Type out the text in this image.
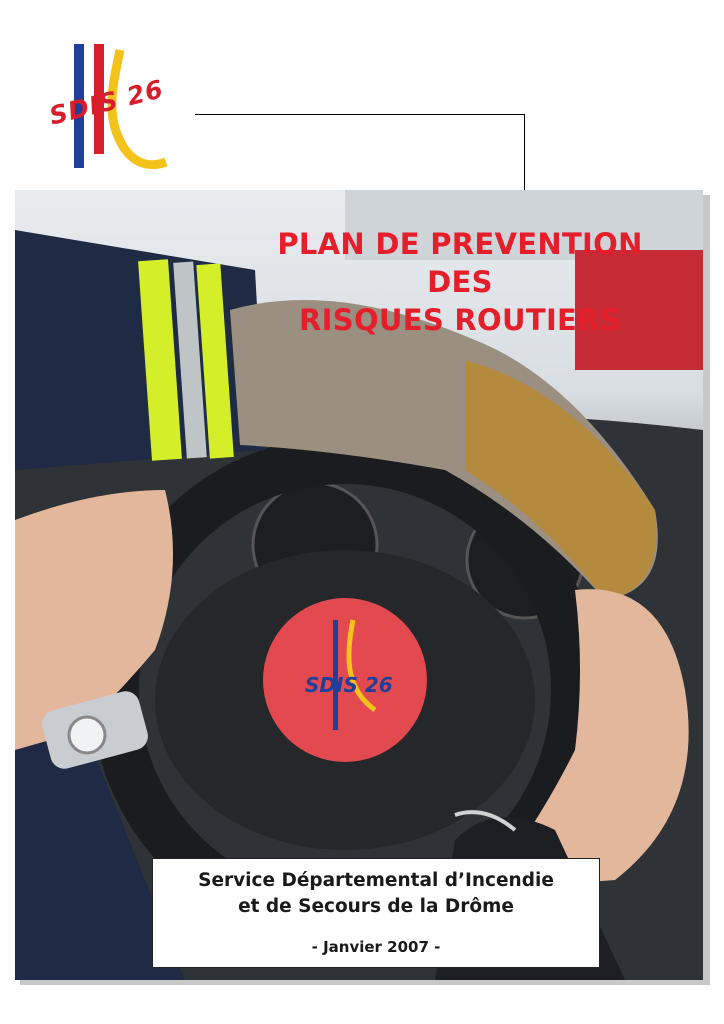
SDIS 26
SDIS 26
PLAN DE PREVENTION
DES
RISQUES ROUTIERS
Service Départemental d’Incendie
et de Secours de la Drôme
- Janvier 2007 -
